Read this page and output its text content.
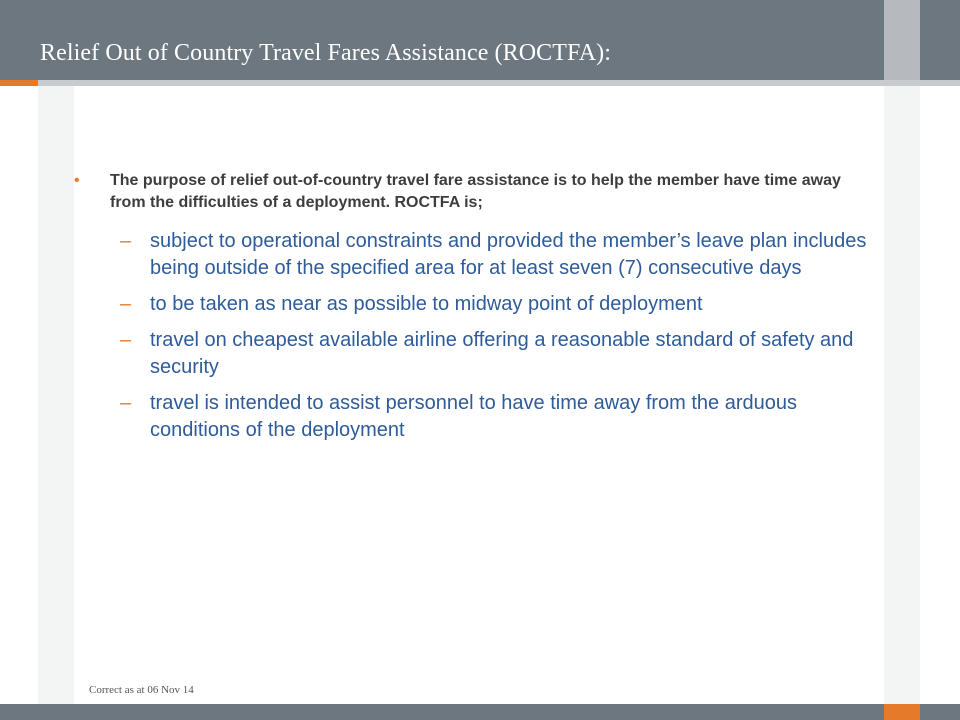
Relief Out of Country Travel Fares Assistance (ROCTFA):
• The purpose of relief out-of-country travel fare assistance is to help the member have time away from the difficulties of a deployment. ROCTFA is;

– subject to operational constraints and provided the member’s leave plan includes being outside of the specified area for at least seven (7) consecutive days
– to be taken as near as possible to midway point of deployment
– travel on cheapest available airline offering a reasonable standard of safety and security
– travel is intended to assist personnel to have time away from the arduous conditions of the deployment
Correct as at 06 Nov 14
